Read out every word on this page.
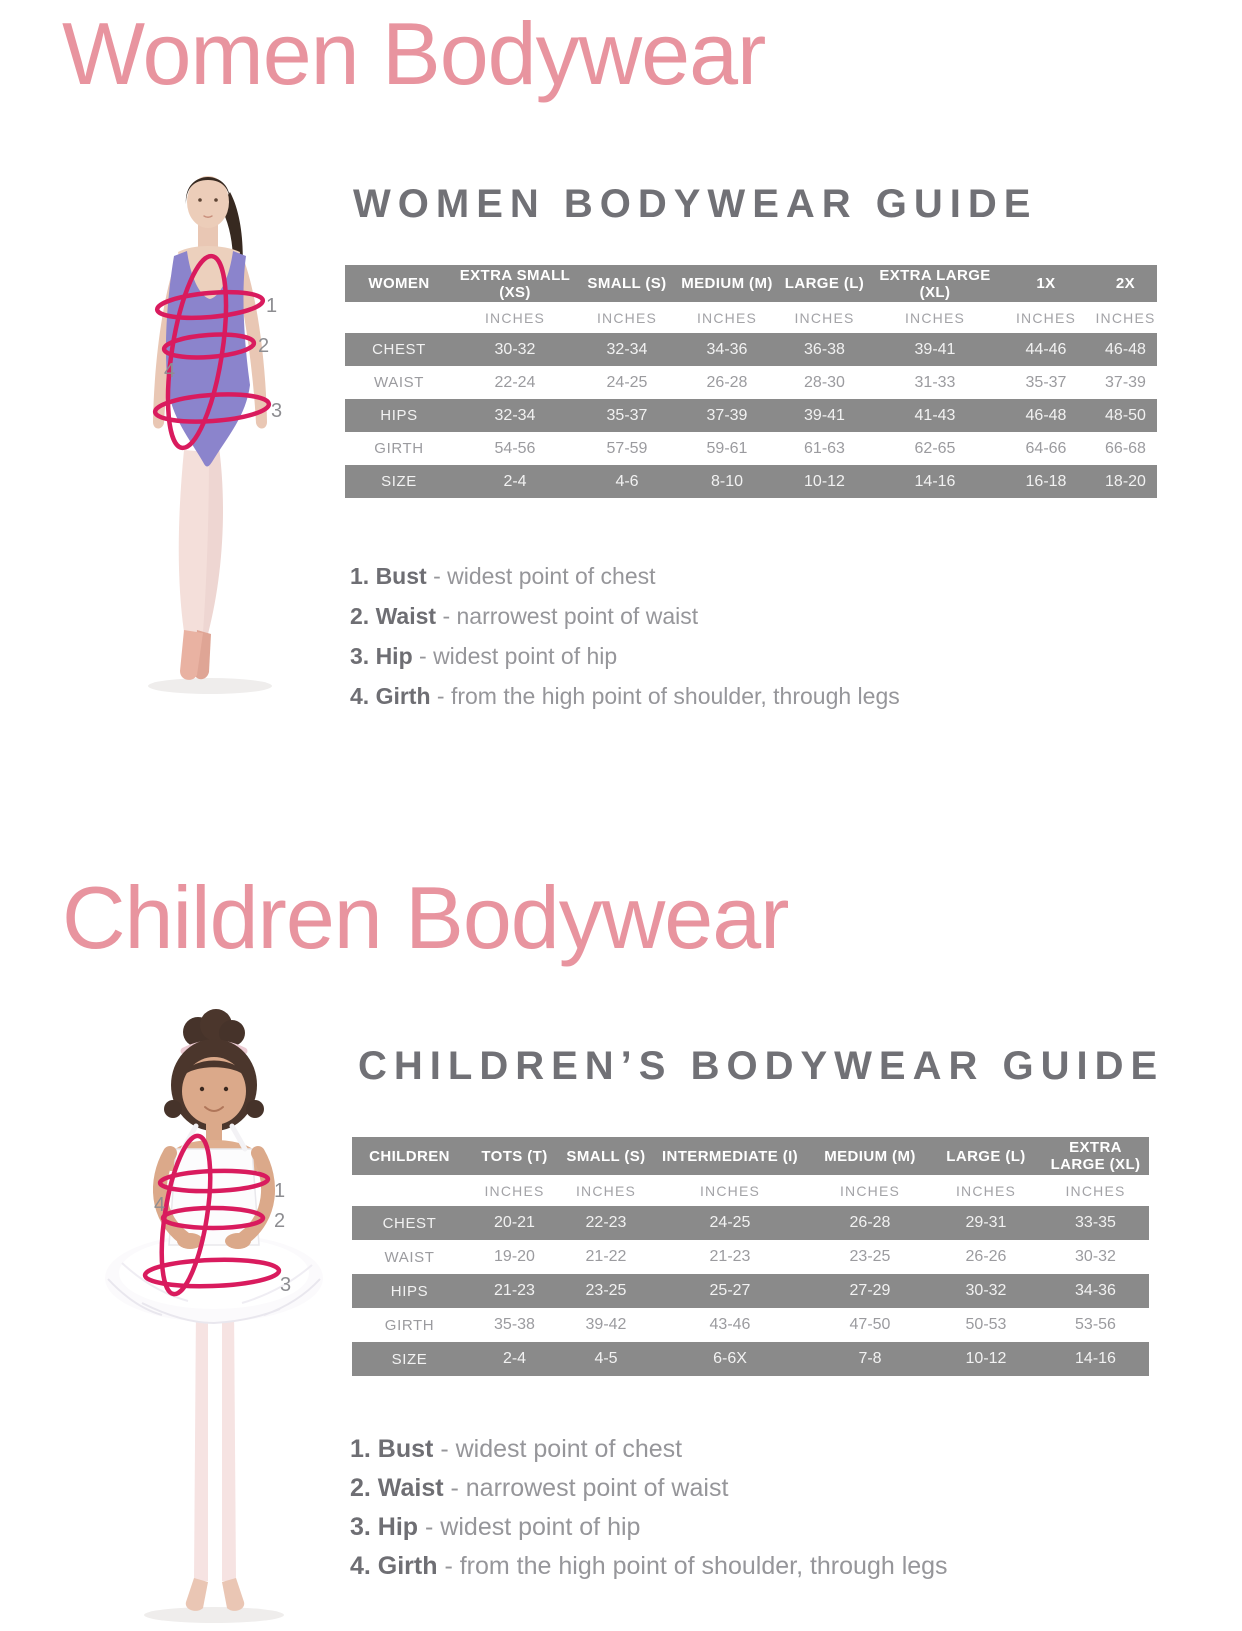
Women Bodywear
1
2
3
4
WOMEN BODYWEAR GUIDE
WOMEN	EXTRA SMALL (XS)	SMALL (S)	MEDIUM (M)	LARGE (L)	EXTRA LARGE (XL)	1X	2X
	INCHES	INCHES	INCHES	INCHES	INCHES	INCHES	INCHES
CHEST	30-32	32-34	34-36	36-38	39-41	44-46	46-48
WAIST	22-24	24-25	26-28	28-30	31-33	35-37	37-39
HIPS	32-34	35-37	37-39	39-41	41-43	46-48	48-50
GIRTH	54-56	57-59	59-61	61-63	62-65	64-66	66-68
SIZE	2-4	4-6	8-10	10-12	14-16	16-18	18-20
1. Bust - widest point of chest
2. Waist - narrowest point of waist
3. Hip - widest point of hip
4. Girth - from the high point of shoulder, through legs
Children Bodywear
1
2
3
4
CHILDREN’S BODYWEAR GUIDE
CHILDREN	TOTS (T)	SMALL (S)	INTERMEDIATE (I)	MEDIUM (M)	LARGE (L)	EXTRA LARGE (XL)
	INCHES	INCHES	INCHES	INCHES	INCHES	INCHES
CHEST	20-21	22-23	24-25	26-28	29-31	33-35
WAIST	19-20	21-22	21-23	23-25	26-26	30-32
HIPS	21-23	23-25	25-27	27-29	30-32	34-36
GIRTH	35-38	39-42	43-46	47-50	50-53	53-56
SIZE	2-4	4-5	6-6X	7-8	10-12	14-16
1. Bust - widest point of chest
2. Waist - narrowest point of waist
3. Hip - widest point of hip
4. Girth - from the high point of shoulder, through legs
